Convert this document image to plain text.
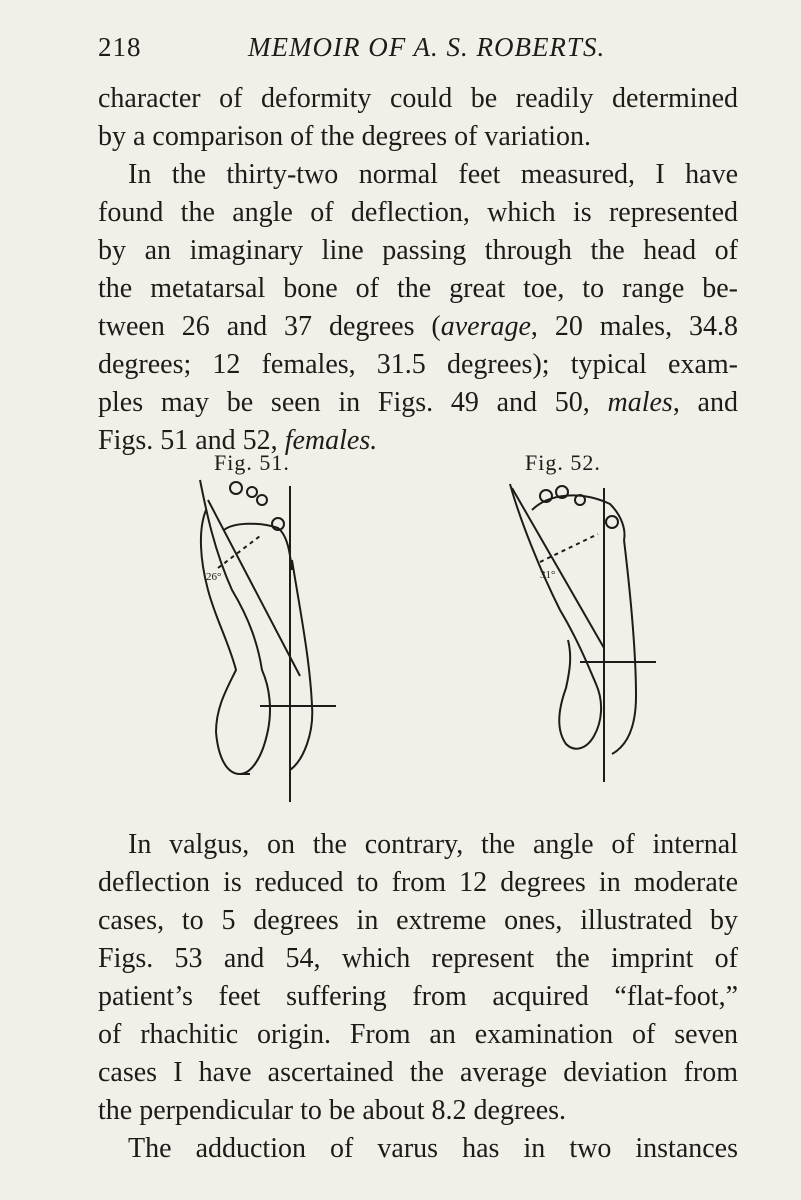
218	MEMOIR OF A. S. ROBERTS.
character of deformity could be readily determined
by a comparison of the degrees of variation.
In the thirty-two normal feet measured, I have
found the angle of deflection, which is represented
by an imaginary line passing through the head of
the metatarsal bone of the great toe, to range be-
tween 26 and 37 degrees (average, 20 males, 34.8
degrees; 12 females, 31.5 degrees); typical exam-
ples may be seen in Figs. 49 and 50, males, and
Figs. 51 and 52, females.
Fig. 51.	Fig. 52.
26°	31°
In valgus, on the contrary, the angle of internal
deflection is reduced to from 12 degrees in moderate
cases, to 5 degrees in extreme ones, illustrated by
Figs. 53 and 54, which represent the imprint of
patient’s feet suffering from acquired “flat-foot,”
of rhachitic origin. From an examination of seven
cases I have ascertained the average deviation from
the perpendicular to be about 8.2 degrees.
The adduction of varus has in two instances
